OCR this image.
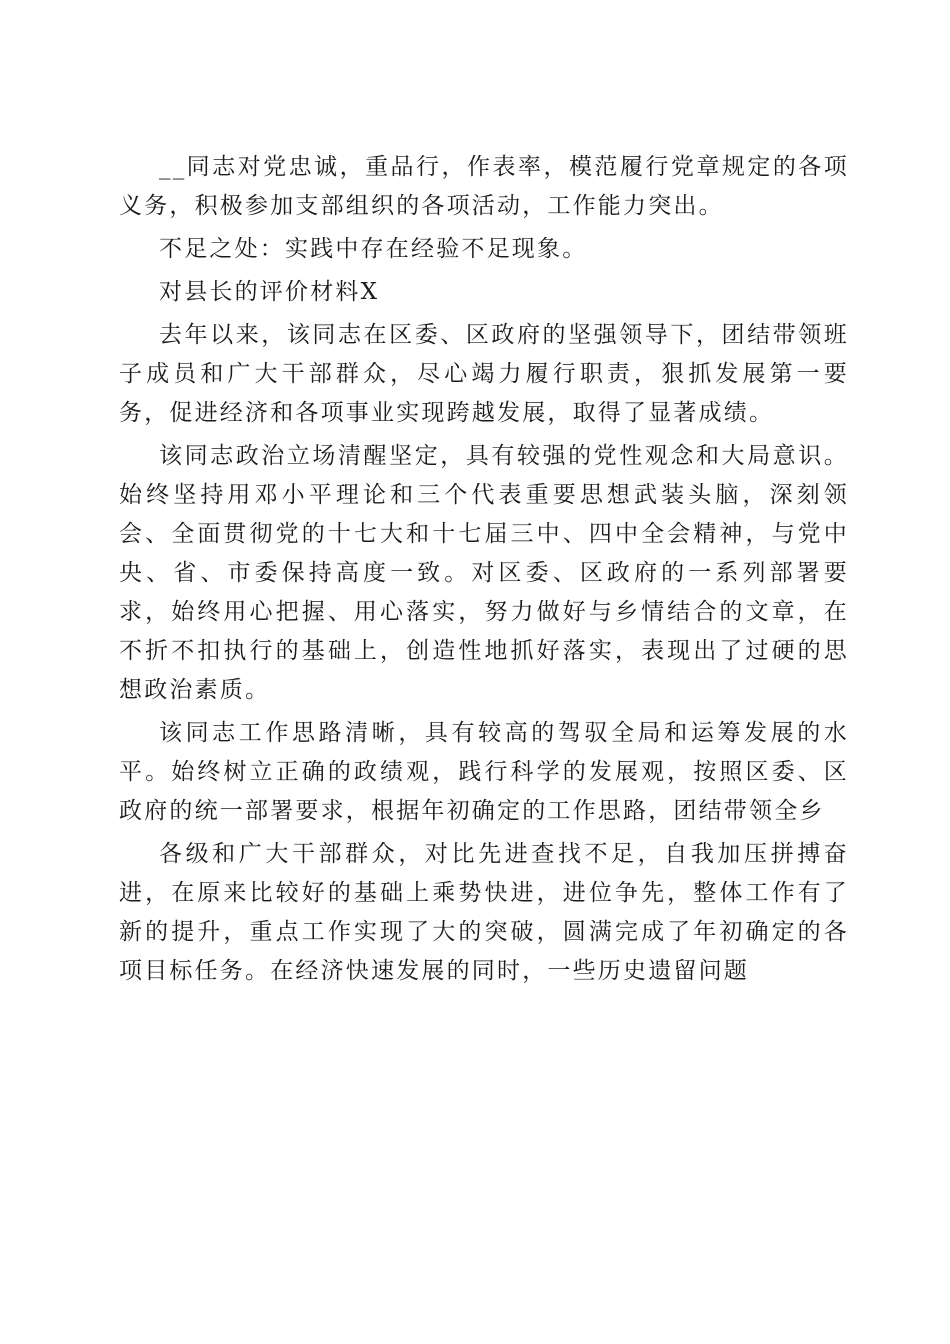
__同志对党忠诚，重品行，作表率，模范履行党章规定的各项义务，积极参加支部组织的各项活动，工作能力突出。

不足之处：实践中存在经验不足现象。

对县长的评价材料X

去年以来，该同志在区委、区政府的坚强领导下，团结带领班子成员和广大干部群众，尽心竭力履行职责，狠抓发展第一要务，促进经济和各项事业实现跨越发展，取得了显著成绩。

该同志政治立场清醒坚定，具有较强的党性观念和大局意识。始终坚持用邓小平理论和三个代表重要思想武装头脑，深刻领会、全面贯彻党的十七大和十七届三中、四中全会精神，与党中央、省、市委保持高度一致。对区委、区政府的一系列部署要求，始终用心把握、用心落实，努力做好与乡情结合的文章，在不折不扣执行的基础上，创造性地抓好落实，表现出了过硬的思想政治素质。

该同志工作思路清晰，具有较高的驾驭全局和运筹发展的水平。始终树立正确的政绩观，践行科学的发展观，按照区委、区政府的统一部署要求，根据年初确定的工作思路，团结带领全乡

各级和广大干部群众，对比先进查找不足，自我加压拼搏奋进，在原来比较好的基础上乘势快进，进位争先，整体工作有了新的提升，重点工作实现了大的突破，圆满完成了年初确定的各项目标任务。在经济快速发展的同时，一些历史遗留问题
